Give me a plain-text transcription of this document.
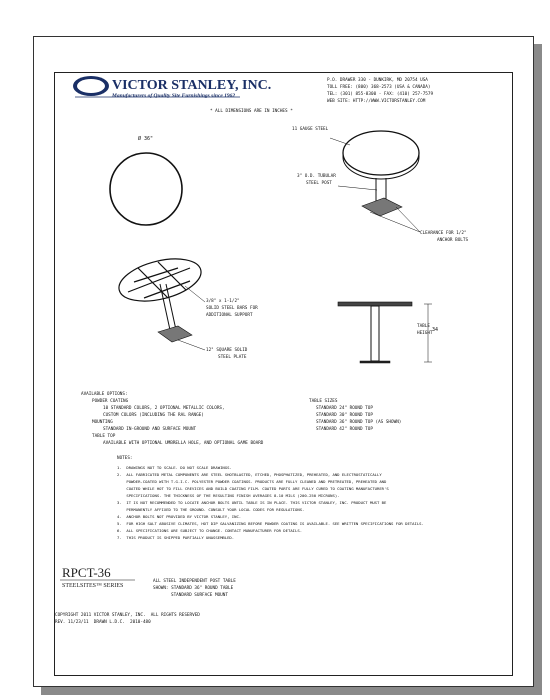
VS VICTOR STANLEY, INC.
Manufacturers of Quality Site Furnishings since 1962
P.O. DRAWER 330 - DUNKIRK, MD 20754 USA
TOLL FREE: (800) 368-2573 (USA & CANADA)
TEL: (301) 855-8300 - FAX: (410) 257-7579
WEB SITE: HTTP://WWW.VICTORSTANLEY.COM
* ALL DIMENSIONS ARE IN INCHES *
Ø 36"
11 GAUGE STEEL
3" O.D. TUBULAR
STEEL POST
CLEARANCE FOR 1/2"
ANCHOR BOLTS
3/8" x 1-1/2"
SOLID STEEL BARS FOR
ADDITIONAL SUPPORT
12" SQUARE SOLID
STEEL PLATE
TABLE
HEIGHT
34
AVAILABLE OPTIONS:
POWDER COATING
10 STANDARD COLORS, 2 OPTIONAL METALLIC COLORS,
CUSTOM COLORS (INCLUDING THE RAL RANGE)
MOUNTING
STANDARD IN-GROUND AND SURFACE MOUNT
TABLE TOP
AVAILABLE WITH OPTIONAL UMBRELLA HOLE, AND OPTIONAL GAME BOARD
TABLE SIZES
STANDARD 24" ROUND TOP
STANDARD 30" ROUND TOP
STANDARD 36" ROUND TOP (AS SHOWN)
STANDARD 42" ROUND TOP
NOTES:
1.  DRAWINGS NOT TO SCALE. DO NOT SCALE DRAWINGS.
2.  ALL FABRICATED METAL COMPONENTS ARE STEEL SHOTBLASTED, ETCHED, PHOSPHATIZED, PREHEATED, AND ELECTROSTATICALLY
POWDER-COATED WITH T.G.I.C. POLYESTER POWDER COATINGS. PRODUCTS ARE FULLY CLEANED AND PRETREATED, PREHEATED AND
COATED WHILE HOT TO FILL CREVICES AND BUILD COATING FILM. COATED PARTS ARE FULLY CURED TO COATING MANUFACTURER'S
SPECIFICATIONS. THE THICKNESS OF THE RESULTING FINISH AVERAGES 8-10 MILS (200-250 MICRONS).
3.  IT IS NOT RECOMMENDED TO LOCATE ANCHOR BOLTS UNTIL TABLE IS IN PLACE. THIS VICTOR STANLEY, INC. PRODUCT MUST BE
PERMANENTLY AFFIXED TO THE GROUND. CONSULT YOUR LOCAL CODES FOR REGULATIONS.
4.  ANCHOR BOLTS NOT PROVIDED BY VICTOR STANLEY, INC.
5.  FOR HIGH SALT ABUSIVE CLIMATES, HOT DIP GALVANIZING BEFORE POWDER COATING IS AVAILABLE. SEE WRITTEN SPECIFICATIONS FOR DETAILS.
6.  ALL SPECIFICATIONS ARE SUBJECT TO CHANGE. CONTACT MANUFACTURER FOR DETAILS.
7.  THIS PRODUCT IS SHIPPED PARTIALLY UNASSEMBLED.
RPCT-36
STEELSITES™ SERIES
ALL STEEL INDEPENDENT POST TABLE
SHOWN: STANDARD 36" ROUND TABLE
STANDARD SURFACE MOUNT
COPYRIGHT 2011 VICTOR STANLEY, INC.  ALL RIGHTS RESERVED
REV. 11/23/11  DRAWN L.D.C.  2010-480
